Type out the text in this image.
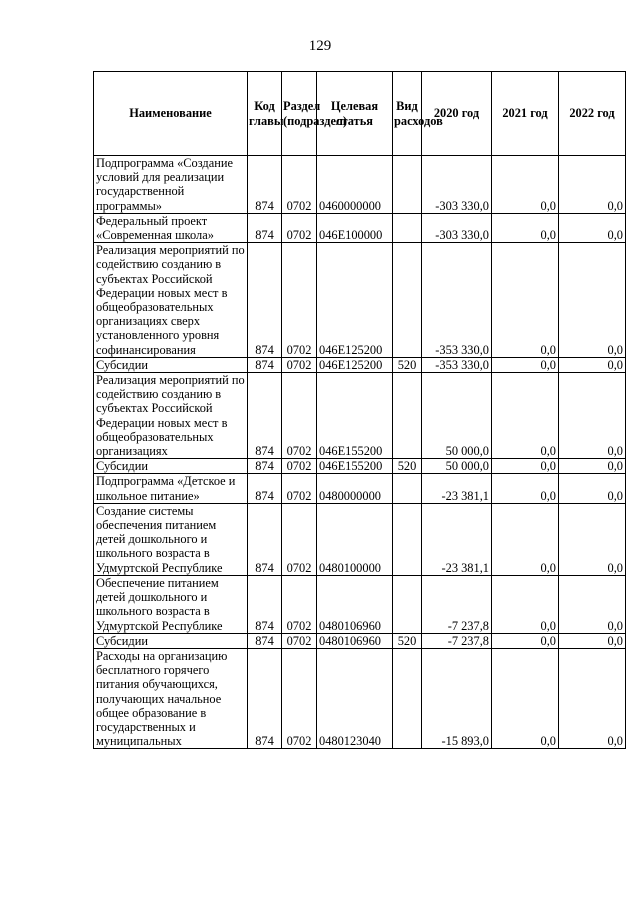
129
Наименование	Код главы	Раздел (подраздел)	Целевая статья	Вид расходов	2020 год	2021 год	2022 год
Подпрограмма «Создание условий для реализации государственной программы»	874	0702	0460000000		-303 330,0	0,0	0,0
Федеральный проект «Современная школа»	874	0702	046E100000		-303 330,0	0,0	0,0
Реализация мероприятий по содействию созданию в субъектах Российской Федерации новых мест в общеобразовательных организациях сверх установленного уровня софинансирования	874	0702	046E125200		-353 330,0	0,0	0,0
Субсидии	874	0702	046E125200	520	-353 330,0	0,0	0,0
Реализация мероприятий по содействию созданию в субъектах Российской Федерации новых мест в общеобразовательных организациях	874	0702	046E155200		50 000,0	0,0	0,0
Субсидии	874	0702	046E155200	520	50 000,0	0,0	0,0
Подпрограмма «Детское и школьное питание»	874	0702	0480000000		-23 381,1	0,0	0,0
Создание системы обеспечения питанием детей дошкольного и школьного возраста в Удмуртской Республике	874	0702	0480100000		-23 381,1	0,0	0,0
Обеспечение питанием детей дошкольного и школьного возраста в Удмуртской Республике	874	0702	0480106960		-7 237,8	0,0	0,0
Субсидии	874	0702	0480106960	520	-7 237,8	0,0	0,0
Расходы на организацию бесплатного горячего питания обучающихся, получающих начальное общее образование в государственных и муниципальных	874	0702	0480123040		-15 893,0	0,0	0,0
